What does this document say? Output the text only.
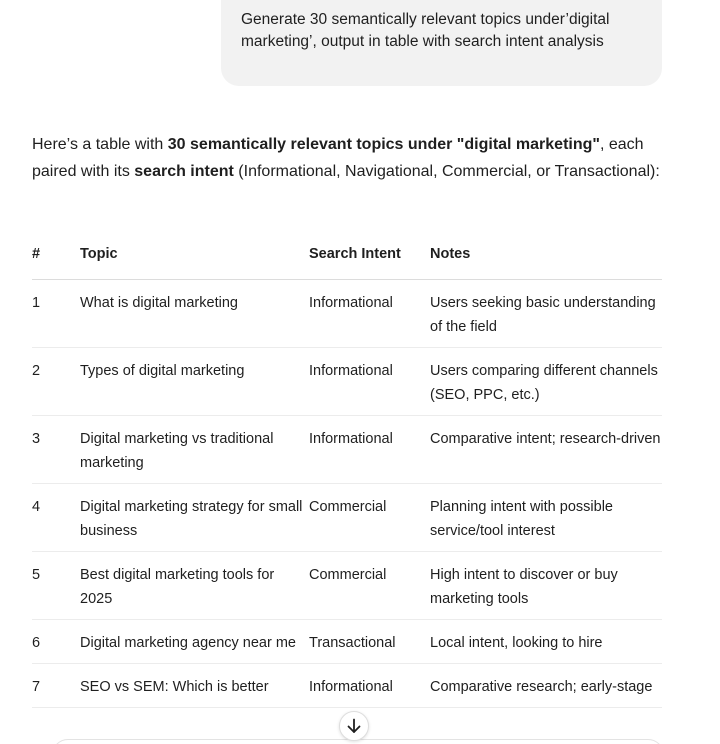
Generate 30 semantically relevant topics under’digital marketing’, output in table with search intent analysis
Here’s a table with 30 semantically relevant topics under "digital marketing", each paired with its search intent (Informational, Navigational, Commercial, or Transactional):
#	Topic	Search Intent	Notes
1	What is digital marketing	Informational	Users seeking basic understanding of the field
2	Types of digital marketing	Informational	Users comparing different channels (SEO, PPC, etc.)
3	Digital marketing vs traditional marketing	Informational	Comparative intent; research-driven
4	Digital marketing strategy for small business	Commercial	Planning intent with possible service/tool interest
5	Best digital marketing tools for 2025	Commercial	High intent to discover or buy marketing tools
6	Digital marketing agency near me	Transactional	Local intent, looking to hire
7	SEO vs SEM: Which is better	Informational	Comparative research; early-stage
